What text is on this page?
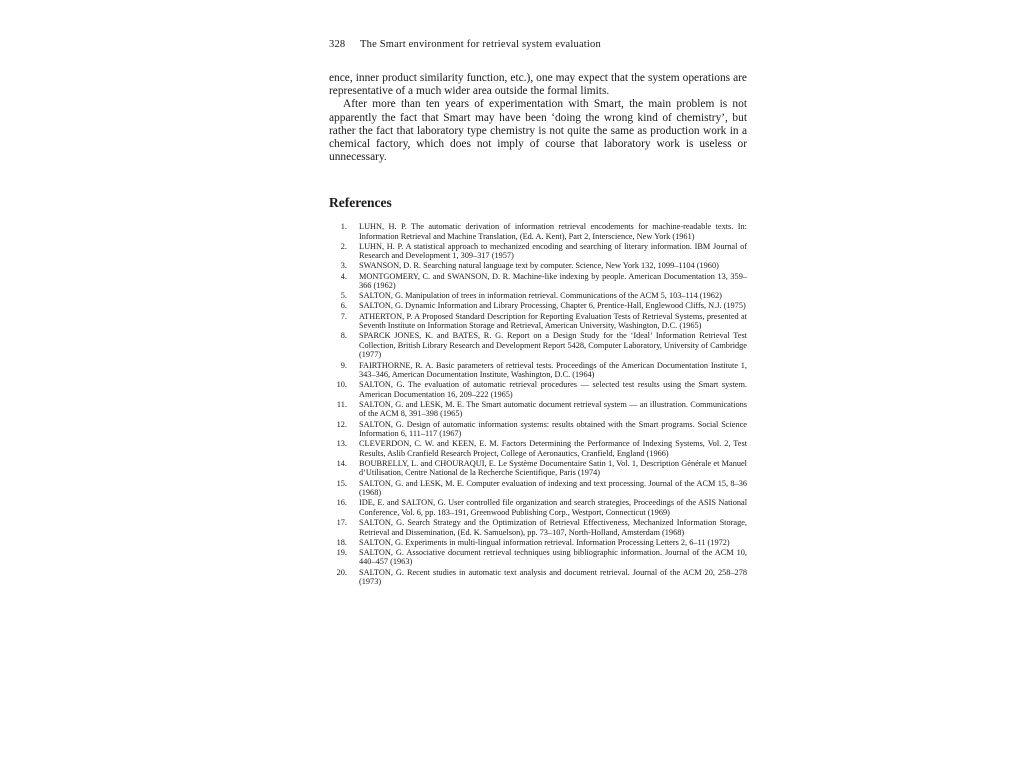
328 The Smart environment for retrieval system evaluation

ence, inner product similarity function, etc.), one may expect that the system operations are representative of a much wider area outside the formal limits.

After more than ten years of experimentation with Smart, the main problem is not apparently the fact that Smart may have been ‘doing the wrong kind of chemistry’, but rather the fact that laboratory type chemistry is not quite the same as production work in a chemical factory, which does not imply of course that laboratory work is useless or unnecessary.

References
1. LUHN, H. P. The automatic derivation of information retrieval encodements for machine-readable texts. In: Information Retrieval and Machine Translation, (Ed. A. Kent), Part 2, Interscience, New York (1961)
2. LUHN, H. P. A statistical approach to mechanized encoding and searching of literary information. IBM Journal of Research and Development 1, 309–317 (1957)
3. SWANSON, D. R. Searching natural language text by computer. Science, New York 132, 1099–1104 (1960)
4. MONTGOMERY, C. and SWANSON, D. R. Machine-like indexing by people. American Documentation 13, 359–366 (1962)
5. SALTON, G. Manipulation of trees in information retrieval. Communications of the ACM 5, 103–114 (1962)
6. SALTON, G. Dynamic Information and Library Processing, Chapter 6, Prentice-Hall, Englewood Cliffs, N.J. (1975)
7. ATHERTON, P. A Proposed Standard Description for Reporting Evaluation Tests of Retrieval Systems, presented at Seventh Institute on Information Storage and Retrieval, American University, Washington, D.C. (1965)
8. SPARCK JONES, K. and BATES, R. G. Report on a Design Study for the ‘Ideal’ Information Retrieval Test Collection, British Library Research and Development Report 5428, Computer Laboratory, University of Cambridge (1977)
9. FAIRTHORNE, R. A. Basic parameters of retrieval tests. Proceedings of the American Documentation Institute 1, 343–346, American Documentation Institute, Washington, D.C. (1964)
10. SALTON, G. The evaluation of automatic retrieval procedures — selected test results using the Smart system. American Documentation 16, 209–222 (1965)
11. SALTON, G. and LESK, M. E. The Smart automatic document retrieval system — an illustration. Communications of the ACM 8, 391–398 (1965)
12. SALTON, G. Design of automatic information systems: results obtained with the Smart programs. Social Science Information 6, 111–117 (1967)
13. CLEVERDON, C. W. and KEEN, E. M. Factors Determining the Performance of Indexing Systems, Vol. 2, Test Results, Aslib Cranfield Research Project, College of Aeronautics, Cranfield, England (1966)
14. BOUBRELLY, L. and CHOURAQUI, E. Le Système Documentaire Satin 1, Vol. 1, Description Générale et Manuel d’Utilisation, Centre National de la Recherche Scientifique, Paris (1974)
15. SALTON, G. and LESK, M. E. Computer evaluation of indexing and text processing. Journal of the ACM 15, 8–36 (1968)
16. IDE, E. and SALTON, G. User controlled file organization and search strategies, Proceedings of the ASIS National Conference, Vol. 6, pp. 183–191, Greenwood Publishing Corp., Westport, Connecticut (1969)
17. SALTON, G. Search Strategy and the Optimization of Retrieval Effectiveness, Mechanized Information Storage, Retrieval and Dissemination, (Ed. K. Samuelson), pp. 73–107, North-Holland, Amsterdam (1968)
18. SALTON, G. Experiments in multi-lingual information retrieval. Information Processing Letters 2, 6–11 (1972)
19. SALTON, G. Associative document retrieval techniques using bibliographic information. Journal of the ACM 10, 440–457 (1963)
20. SALTON, G. Recent studies in automatic text analysis and document retrieval. Journal of the ACM 20, 258–278 (1973)
